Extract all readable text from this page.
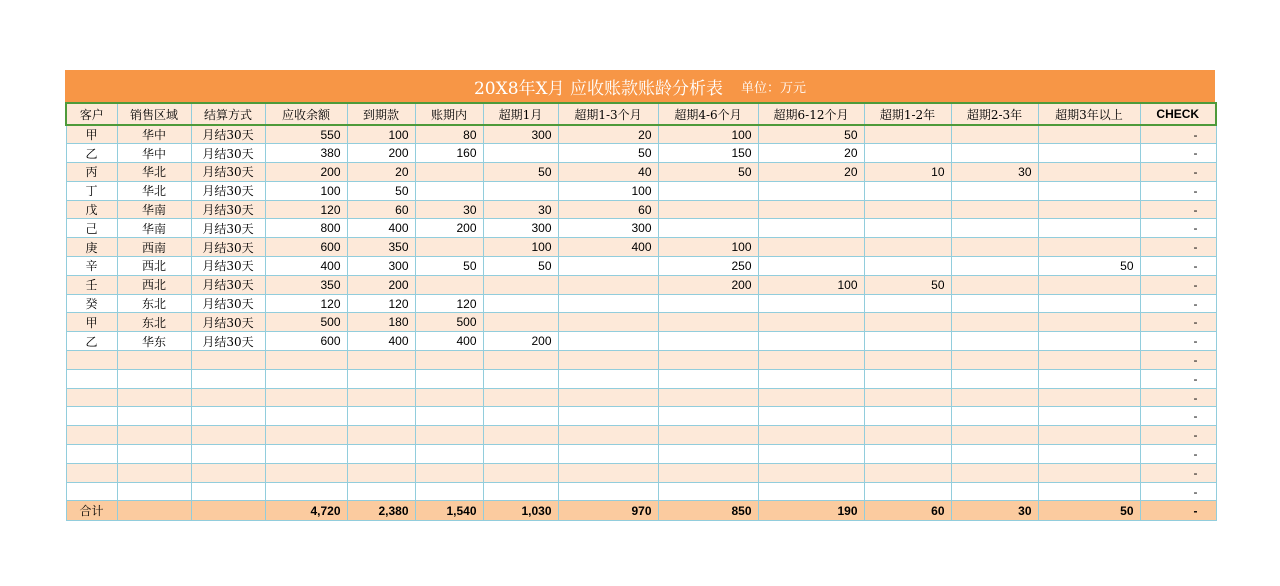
20X8年X月 应收账款账龄分析表 单位：万元
客户	销售区域	结算方式	应收余额	到期款	账期内	超期1月	超期1-3个月	超期4-6个月	超期6-12个月	超期1-2年	超期2-3年	超期3年以上	CHECK
甲	华中	月结30天	550	100	80	300	20	100	50				-
乙	华中	月结30天	380	200	160		50	150	20				-
丙	华北	月结30天	200	20		50	40	50	20	10	30		-
丁	华北	月结30天	100	50			100						-
戊	华南	月结30天	120	60	30	30	60						-
己	华南	月结30天	800	400	200	300	300						-
庚	西南	月结30天	600	350		100	400	100					-
辛	西北	月结30天	400	300	50	50		250				50	-
壬	西北	月结30天	350	200				200	100	50			-
癸	东北	月结30天	120	120	120								-
甲	东北	月结30天	500	180	500								-
乙	华东	月结30天	600	400	400	200							-
													-
													-
													-
													-
													-
													-
													-
													-
合计			4,720	2,380	1,540	1,030	970	850	190	60	30	50	-
